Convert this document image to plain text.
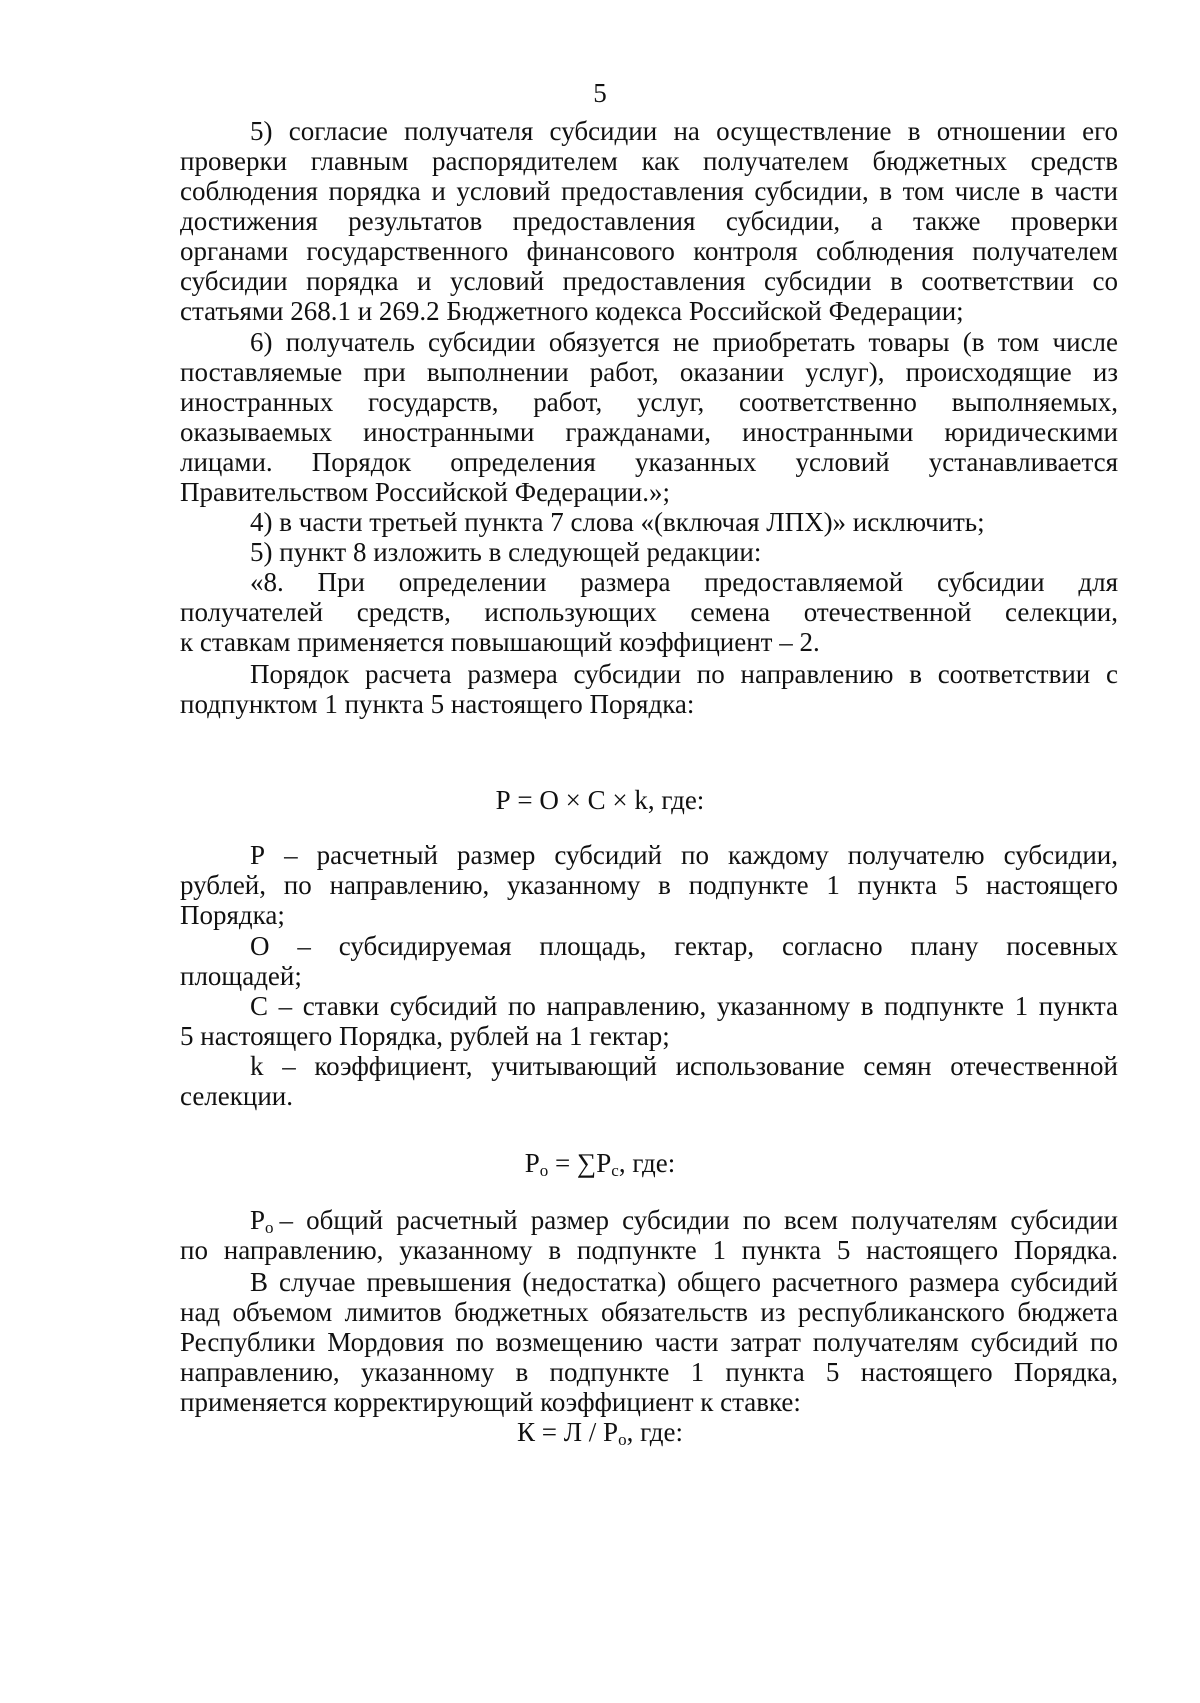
5
5) согласие получателя субсидии на осуществление в отношении его
проверки главным распорядителем как получателем бюджетных средств
соблюдения порядка и условий предоставления субсидии, в том числе в части
достижения результатов предоставления субсидии, а также проверки
органами государственного финансового контроля соблюдения получателем
субсидии порядка и условий предоставления субсидии в соответствии со
статьями 268.1 и 269.2 Бюджетного кодекса Российской Федерации;
6) получатель субсидии обязуется не приобретать товары (в том числе
поставляемые при выполнении работ, оказании услуг), происходящие из
иностранных государств, работ, услуг, соответственно выполняемых,
оказываемых иностранными гражданами, иностранными юридическими
лицами. Порядок определения указанных условий устанавливается
Правительством Российской Федерации.»;
4) в части третьей пункта 7 слова «(включая ЛПХ)» исключить;
5) пункт 8 изложить в следующей редакции:
«8. При определении размера предоставляемой субсидии для
получателей средств, использующих семена отечественной селекции,
к ставкам применяется повышающий коэффициент – 2.
Порядок расчета размера субсидии по направлению в соответствии с
подпунктом 1 пункта 5 настоящего Порядка:
Р = О × С × k, где:
Р – расчетный размер субсидий по каждому получателю субсидии,
рублей, по направлению, указанному в подпункте 1 пункта 5 настоящего
Порядка;
О – субсидируемая площадь, гектар, согласно плану посевных
площадей;
С – ставки субсидий по направлению, указанному в подпункте 1 пункта
5 настоящего Порядка, рублей на 1 гектар;
k – коэффициент, учитывающий использование семян отечественной
селекции.
$Р_о = \sum Р_с$, где:
$Р_о$ – общий расчетный размер субсидии по всем получателям субсидии
по направлению, указанному в подпункте 1 пункта 5 настоящего Порядка.
В случае превышения (недостатка) общего расчетного размера субсидий
над объемом лимитов бюджетных обязательств из республиканского бюджета
Республики Мордовия по возмещению части затрат получателям субсидий по
направлению, указанному в подпункте 1 пункта 5 настоящего Порядка,
применяется корректирующий коэффициент к ставке:
$К = Л / Р_о$, где:
